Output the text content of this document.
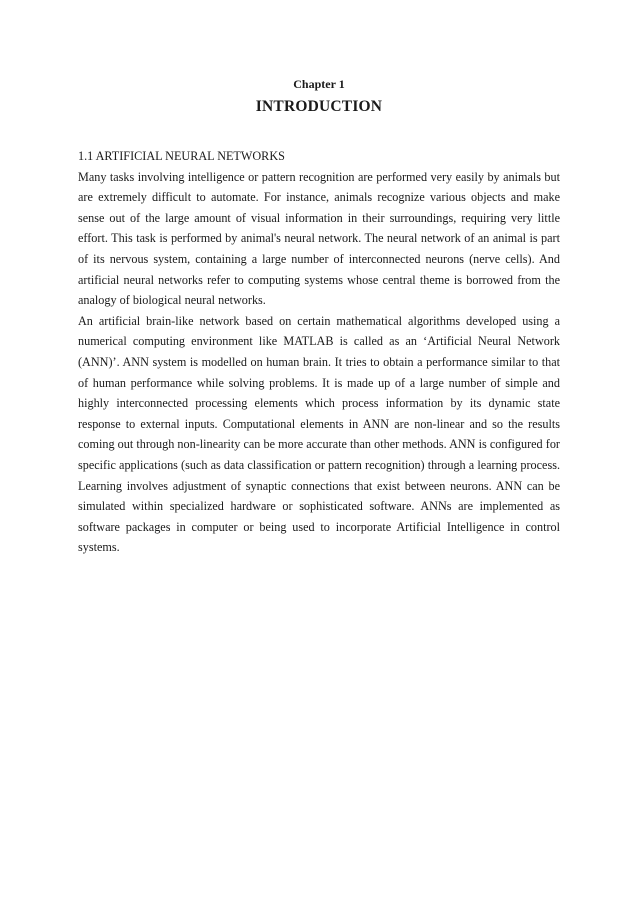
Chapter 1
INTRODUCTION

1.1 ARTIFICIAL NEURAL NETWORKS

Many tasks involving intelligence or pattern recognition are performed very easily by animals but are extremely difficult to automate. For instance, animals recognize various objects and make sense out of the large amount of visual information in their surroundings, requiring very little effort. This task is performed by animal's neural network. The neural network of an animal is part of its nervous system, containing a large number of interconnected neurons (nerve cells). And artificial neural networks refer to computing systems whose central theme is borrowed from the analogy of biological neural networks.

An artificial brain-like network based on certain mathematical algorithms developed using a numerical computing environment like MATLAB is called as an ‘Artificial Neural Network (ANN)’. ANN system is modelled on human brain. It tries to obtain a performance similar to that of human performance while solving problems. It is made up of a large number of simple and highly interconnected processing elements which process information by its dynamic state response to external inputs. Computational elements in ANN are non-linear and so the results coming out through non-linearity can be more accurate than other methods. ANN is configured for specific applications (such as data classification or pattern recognition) through a learning process. Learning involves adjustment of synaptic connections that exist between neurons. ANN can be simulated within specialized hardware or sophisticated software. ANNs are implemented as software packages in computer or being used to incorporate Artificial Intelligence in control systems.
